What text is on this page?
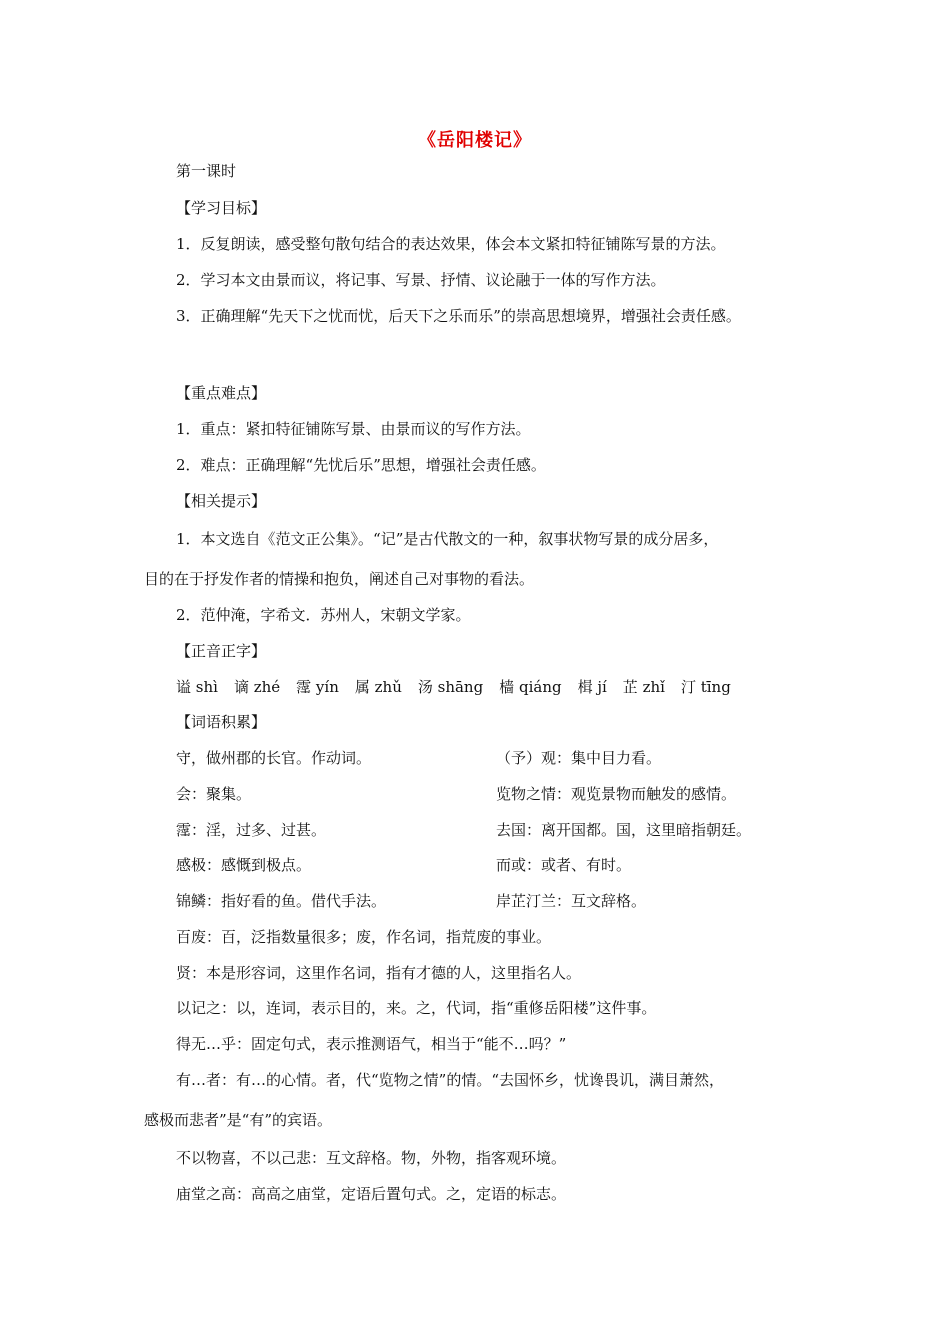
《岳阳楼记》
第一课时
【学习目标】
1．反复朗读，感受整句散句结合的表达效果，体会本文紧扣特征铺陈写景的方法。
2．学习本文由景而议，将记事、写景、抒情、议论融于一体的写作方法。
3．正确理解“先天下之忧而忧，后天下之乐而乐”的崇高思想境界，增强社会责任感。
【重点难点】
1．重点：紧扣特征铺陈写景、由景而议的写作方法。
2．难点：正确理解“先忧后乐”思想，增强社会责任感。
【相关提示】
1．本文选自《范文正公集》。“记”是古代散文的一种，叙事状物写景的成分居多，
目的在于抒发作者的情操和抱负，阐述自己对事物的看法。
2．范仲淹，字希文．苏州人，宋朝文学家。
【正音正字】
谥 shì 谪 zhé 霪 yín 属 zhǔ 汤 shāng 樯 qiáng 楫 jí 芷 zhǐ 汀 tīng
【词语积累】
守，做州郡的长官。作动词。	（予）观：集中目力看。
会：聚集。	览物之情：观览景物而触发的感情。
霪：淫，过多、过甚。	去国：离开国都。国，这里暗指朝廷。
感极：感慨到极点。	而或：或者、有时。
锦鳞：指好看的鱼。借代手法。	岸芷汀兰：互文辞格。
百废：百，泛指数量很多；废，作名词，指荒废的事业。
贤：本是形容词，这里作名词，指有才德的人，这里指名人。
以记之：以，连词，表示目的，来。之，代词，指“重修岳阳楼”这件事。
得无…乎：固定句式，表示推测语气，相当于“能不…吗？”
有…者：有…的心情。者，代“览物之情”的情。“去国怀乡，忧谗畏讥，满目萧然，
感极而悲者”是“有”的宾语。
不以物喜，不以己悲：互文辞格。物，外物，指客观环境。
庙堂之高：高高之庙堂，定语后置句式。之，定语的标志。
